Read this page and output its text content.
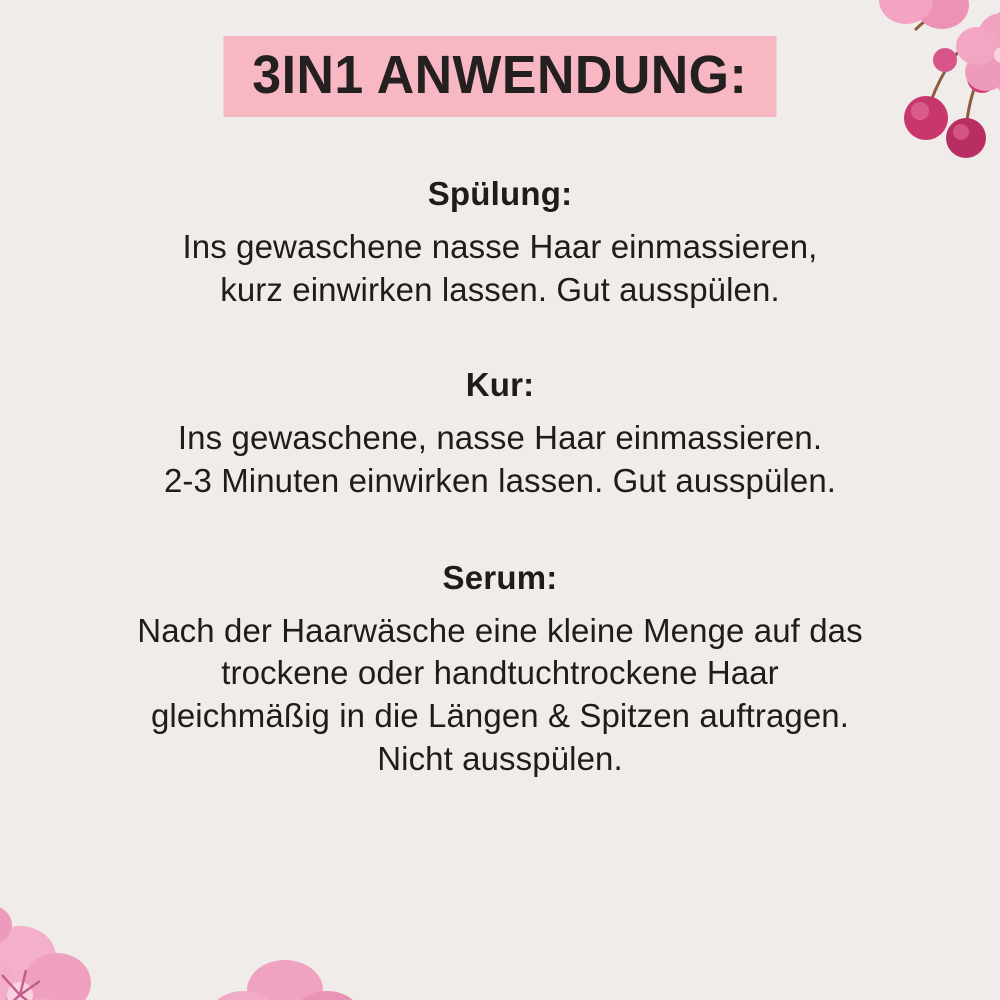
3IN1 ANWENDUNG:
Spülung:
Ins gewaschene nasse Haar einmassieren,
kurz einwirken lassen. Gut ausspülen.
Kur:
Ins gewaschene, nasse Haar einmassieren.
2-3 Minuten einwirken lassen. Gut ausspülen.
Serum:
Nach der Haarwäsche eine kleine Menge auf das
trockene oder handtuchtrockene Haar
gleichmäßig in die Längen & Spitzen auftragen.
Nicht ausspülen.
